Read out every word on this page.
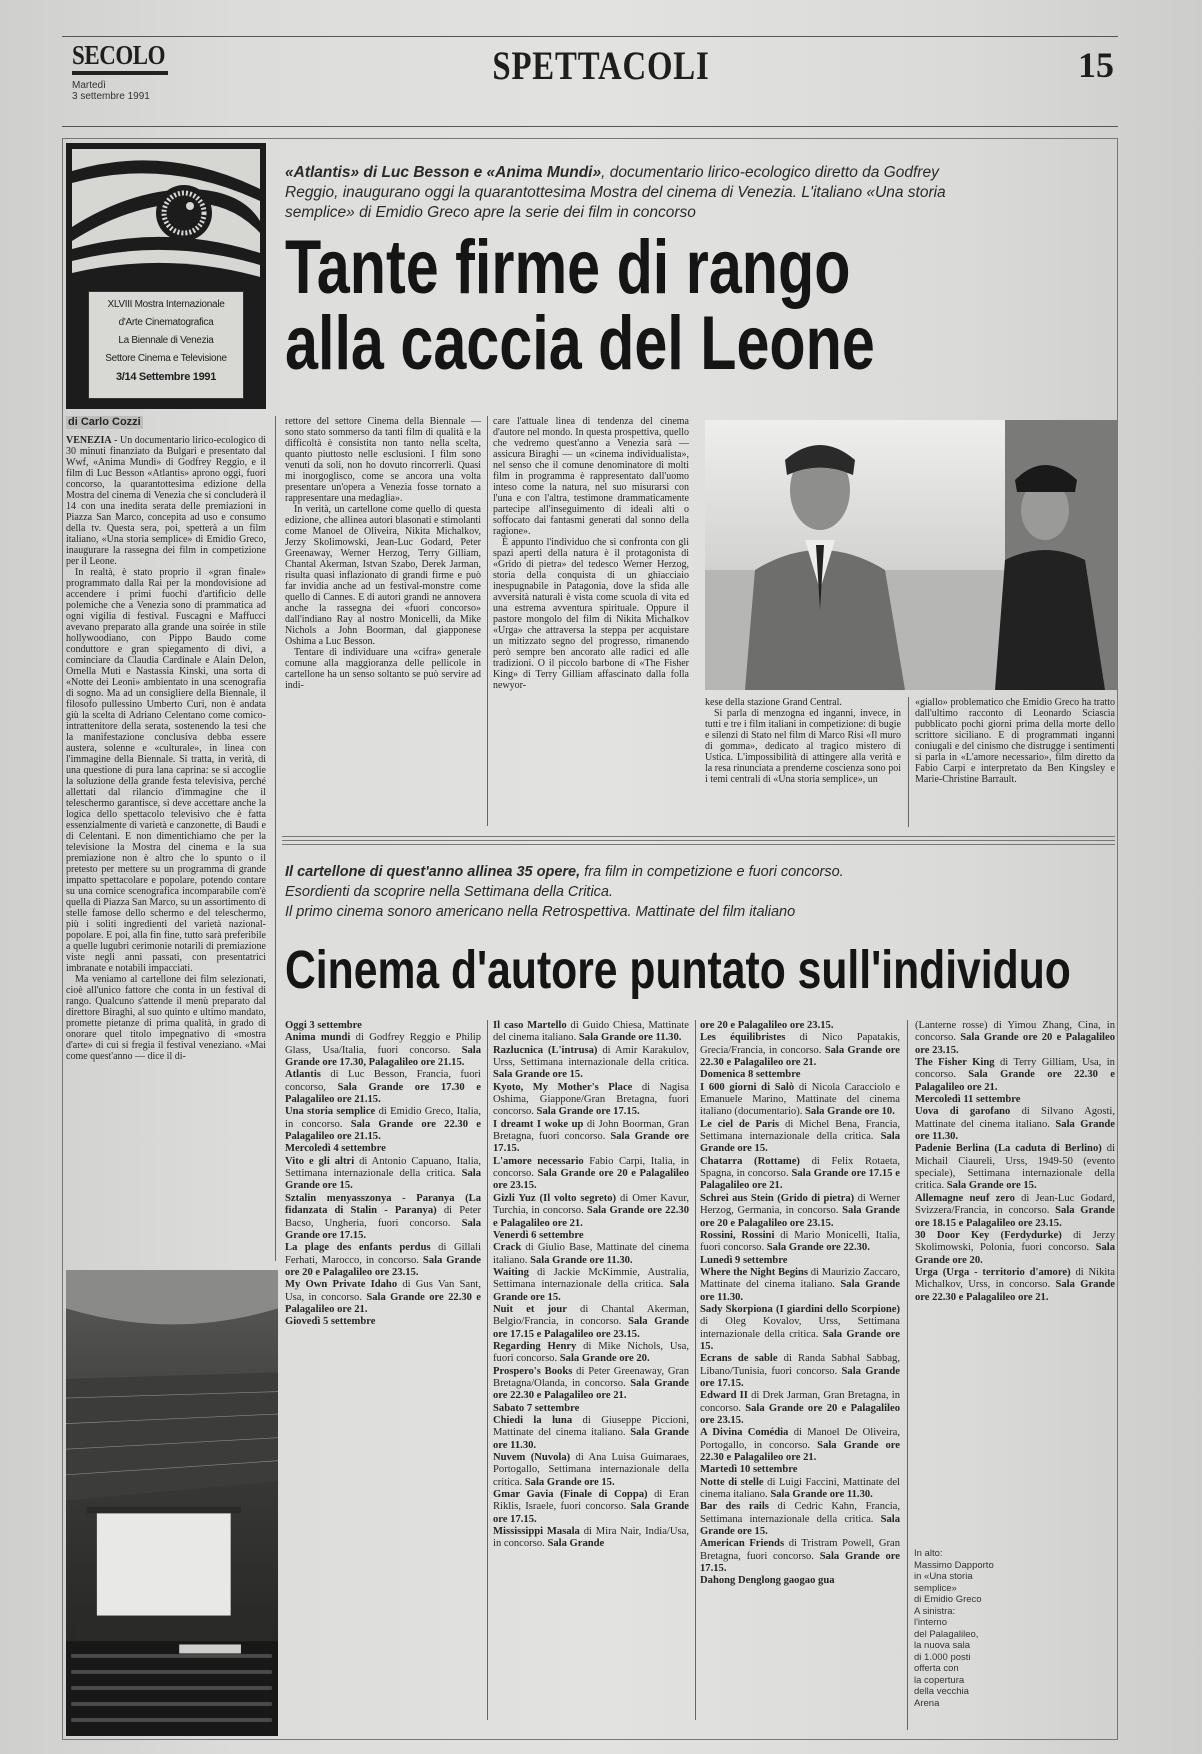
SECOLO
Martedì
3 settembre 1991
SPETTACOLI	15
XLVIII Mostra Internazionale
d'Arte Cinematografica
La Biennale di Venezia
Settore Cinema e Televisione
3/14 Settembre 1991
«Atlantis» di Luc Besson e «Anima Mundi», documentario lirico-ecologico diretto da Godfrey Reggio, inaugurano oggi la quarantottesima Mostra del cinema di Venezia. L'italiano «Una storia semplice» di Emidio Greco apre la serie dei film in concorso
Tante firme di rango
alla caccia del Leone
di Carlo Cozzi

VENEZIA - Un documentario lirico-ecologico di 30 minuti finanziato da Bulgari e presentato dal Wwf, «Anima Mundi» di Godfrey Reggio, e il film di Luc Besson «Atlantis» aprono oggi, fuori concorso, la quarantottesima edizione della Mostra del cinema di Venezia che si concluderà il 14 con una inedita serata delle premiazioni in Piazza San Marco, concepita ad uso e consumo della tv. Questa sera, poi, spetterà a un film italiano, «Una storia semplice» di Emidio Greco, inaugurare la rassegna dei film in competizione per il Leone.

In realtà, è stato proprio il «gran finale» programmato dalla Rai per la mondovisione ad accendere i primi fuochi d'artificio delle polemiche che a Venezia sono di prammatica ad ogni vigilia di festival. Fuscagni e Maffucci avevano preparato alla grande una soirée in stile hollywoodiano, con Pippo Baudo come conduttore e gran spiegamento di divi, a cominciare da Claudia Cardinale e Alain Delon, Ornella Muti e Nastassia Kinski, una sorta di «Notte dei Leoni» ambientato in una scenografia di sogno. Ma ad un consigliere della Biennale, il filosofo pullessino Umberto Curi, non è andata giù la scelta di Adriano Celentano come comico-intrattenitore della serata, sostenendo la tesi che la manifestazione conclusiva debba essere austera, solenne e «culturale», in linea con l'immagine della Biennale. Si tratta, in verità, di una questione di pura lana caprina: se si accoglie la soluzione della grande festa televisiva, perché allettati dal rilancio d'immagine che il teleschermo garantisce, si deve accettare anche la logica dello spettacolo televisivo che è fatta essenzialmente di varietà e canzonette, di Baudi e di Celentani. E non dimentichiamo che per la televisione la Mostra del cinema e la sua premiazione non è altro che lo spunto o il pretesto per mettere su un programma di grande impatto spettacolare e popolare, potendo contare su una cornice scenografica incomparabile com'è quella di Piazza San Marco, su un assortimento di stelle famose dello schermo e del teleschermo, più i soliti ingredienti del varietà nazional-popolare. E poi, alla fin fine, tutto sarà preferibile a quelle lugubri cerimonie notarili di premiazione viste negli anni passati, con presentatrici imbranate e notabili impacciati.

Ma veniamo al cartellone dei film selezionati, cioè all'unico fattore che conta in un festival di rango. Qualcuno s'attende il menù preparato dal direttore Biraghi, al suo quinto e ultimo mandato, promette pietanze di prima qualità, in grado di onorare quel titolo impegnativo di «mostra d'arte» di cui si fregia il festival veneziano. «Mai come quest'anno — dice il di-

rettore del settore Cinema della Biennale — sono stato sommerso da tanti film di qualità e la difficoltà è consistita non tanto nella scelta, quanto piuttosto nelle esclusioni. I film sono venuti da soli, non ho dovuto rincorrerli. Quasi mi inorgoglisco, come se ancora una volta presentare un'opera a Venezia fosse tornato a rappresentare una medaglia».

In verità, un cartellone come quello di questa edizione, che allinea autori blasonati e stimolanti come Manoel de Oliveira, Nikita Michalkov, Jerzy Skolimowski, Jean-Luc Godard, Peter Greenaway, Werner Herzog, Terry Gilliam, Chantal Akerman, Istvan Szabo, Derek Jarman, risulta quasi inflazionato di grandi firme e può far invidia anche ad un festival-monstre come quello di Cannes. E di autori grandi ne annovera anche la rassegna dei «fuori concorso» dall'indiano Ray al nostro Monicelli, da Mike Nichols a John Boorman, dal giapponese Oshima a Luc Besson.

Tentare di individuare una «cifra» generale comune alla maggioranza delle pellicole in cartellone ha un senso soltanto se può servire ad indi-

care l'attuale linea di tendenza del cinema d'autore nel mondo. In questa prospettiva, quello che vedremo quest'anno a Venezia sarà — assicura Biraghi — un «cinema individualista», nel senso che il comune denominatore di molti film in programma è rappresentato dall'uomo inteso come la natura, nel suo misurarsi con l'una e con l'altra, testimone drammaticamente partecipe all'inseguimento di ideali alti o soffocato dai fantasmi generati dal sonno della ragione».

È appunto l'individuo che si confronta con gli spazi aperti della natura è il protagonista di «Grido di pietra» del tedesco Werner Herzog, storia della conquista di un ghiacciaio inespugnabile in Patagonia, dove la sfida alle avversità naturali è vista come scuola di vita ed una estrema avventura spirituale. Oppure il pastore mongolo del film di Nikita Michalkov «Urga» che attraversa la steppa per acquistare un mitizzato segno del progresso, rimanendo però sempre ben ancorato alle radici ed alle tradizioni. O il piccolo barbone di «The Fisher King» di Terry Gilliam affascinato dalla folla newyor-

kese della stazione Grand Central.

Si parla di menzogna ed inganni, invece, in tutti e tre i film italiani in competizione: di bugie e silenzi di Stato nel film di Marco Risi «Il muro di gomma», dedicato al tragico mistero di Ustica. L'impossibilità di attingere alla verità e la resa rinunciata a prenderne coscienza sono poi i temi centrali di «Una storia semplice», un

«giallo» problematico che Emidio Greco ha tratto dall'ultimo racconto di Leonardo Sciascia pubblicato pochi giorni prima della morte dello scrittore siciliano. E di programmati inganni coniugali e del cinismo che distrugge i sentimenti si parla in «L'amore necessario», film diretto da Fabio Carpi e interpretato da Ben Kingsley e Marie-Christine Barrault.

Il cartellone di quest'anno allinea 35 opere, fra film in competizione e fuori concorso.
Esordienti da scoprire nella Settimana della Critica.
Il primo cinema sonoro americano nella Retrospettiva. Mattinate del film italiano
Cinema d'autore puntato sull'individuo
Oggi 3 settembre
Anima mundi di Godfrey Reggio e Philip Glass, Usa/Italia, fuori concorso. Sala Grande ore 17.30, Palagalileo ore 21.15.
Atlantis di Luc Besson, Francia, fuori concorso, Sala Grande ore 17.30 e Palagalileo ore 21.15.
Una storia semplice di Emidio Greco, Italia, in concorso. Sala Grande ore 22.30 e Palagalileo ore 21.15.
Mercoledì 4 settembre
Vito e gli altri di Antonio Capuano, Italia, Settimana internazionale della critica. Sala Grande ore 15.
Sztalin menyasszonya - Paranya (La fidanzata di Stalin - Paranya) di Peter Bacso, Ungheria, fuori concorso. Sala Grande ore 17.15.
La plage des enfants perdus di Gillali Ferhati, Marocco, in concorso. Sala Grande ore 20 e Palagalileo ore 23.15.
My Own Private Idaho di Gus Van Sant, Usa, in concorso. Sala Grande ore 22.30 e Palagalileo ore 21.
Giovedì 5 settembre
Il caso Martello di Guido Chiesa, Mattinate del cinema italiano. Sala Grande ore 11.30.
Razlucnica (L'intrusa) di Amir Karakulov, Urss, Settimana internazionale della critica. Sala Grande ore 15.
Kyoto, My Mother's Place di Nagisa Oshima, Giappone/Gran Bretagna, fuori concorso. Sala Grande ore 17.15.
I dreamt I woke up di John Boorman, Gran Bretagna, fuori concorso. Sala Grande ore 17.15.
L'amore necessario Fabio Carpi, Italia, in concorso. Sala Grande ore 20 e Palagalileo ore 23.15.
Gizli Yuz (Il volto segreto) di Omer Kavur, Turchia, in concorso. Sala Grande ore 22.30 e Palagalileo ore 21.
Venerdì 6 settembre
Crack di Giulio Base, Mattinate del cinema italiano. Sala Grande ore 11.30.
Waiting di Jackie McKimmie, Australia, Settimana internazionale della critica. Sala Grande ore 15.
Nuit et jour di Chantal Akerman, Belgio/Francia, in concorso. Sala Grande ore 17.15 e Palagalileo ore 23.15.
Regarding Henry di Mike Nichols, Usa, fuori concorso. Sala Grande ore 20.
Prospero's Books di Peter Greenaway, Gran Bretagna/Olanda, in concorso. Sala Grande ore 22.30 e Palagalileo ore 21.
Sabato 7 settembre
Chiedi la luna di Giuseppe Piccioni, Mattinate del cinema italiano. Sala Grande ore 11.30.
Nuvem (Nuvola) di Ana Luisa Guimaraes, Portogallo, Settimana internazionale della critica. Sala Grande ore 15.
Gmar Gavia (Finale di Coppa) di Eran Riklis, Israele, fuori concorso. Sala Grande ore 17.15.
Mississippi Masala di Mira Nair, India/Usa, in concorso. Sala Grande
ore 20 e Palagalileo ore 23.15.
Les équilibristes di Nico Papatakis, Grecia/Francia, in concorso. Sala Grande ore 22.30 e Palagalileo ore 21.
Domenica 8 settembre
I 600 giorni di Salò di Nicola Caracciolo e Emanuele Marino, Mattinate del cinema italiano (documentario). Sala Grande ore 10.
Le ciel de Paris di Michel Bena, Francia, Settimana internazionale della critica. Sala Grande ore 15.
Chatarra (Rottame) di Felix Rotaeta, Spagna, in concorso. Sala Grande ore 17.15 e Palagalileo ore 21.
Schrei aus Stein (Grido di pietra) di Werner Herzog, Germania, in concorso. Sala Grande ore 20 e Palagalileo ore 23.15.
Rossini, Rossini di Mario Monicelli, Italia, fuori concorso. Sala Grande ore 22.30.
Lunedì 9 settembre
Where the Night Begins di Maurizio Zaccaro, Mattinate del cinema italiano. Sala Grande ore 11.30.
Sady Skorpiona (I giardini dello Scorpione) di Oleg Kovalov, Urss, Settimana internazionale della critica. Sala Grande ore 15.
Ecrans de sable di Randa Sabhal Sabbag, Libano/Tunisia, fuori concorso. Sala Grande ore 17.15.
Edward II di Drek Jarman, Gran Bretagna, in concorso. Sala Grande ore 20 e Palagalileo ore 23.15.
A Divina Comédia di Manoel De Oliveira, Portogallo, in concorso. Sala Grande ore 22.30 e Palagalileo ore 21.
Martedì 10 settembre
Notte di stelle di Luigi Faccini, Mattinate del cinema italiano. Sala Grande ore 11.30.
Bar des rails di Cedric Kahn, Francia, Settimana internazionale della critica. Sala Grande ore 15.
American Friends di Tristram Powell, Gran Bretagna, fuori concorso. Sala Grande ore 17.15.
Dahong Denglong gaogao gua
(Lanterne rosse) di Yimou Zhang, Cina, in concorso. Sala Grande ore 20 e Palagalileo ore 23.15.
The Fisher King di Terry Gilliam, Usa, in concorso. Sala Grande ore 22.30 e Palagalileo ore 21.
Mercoledì 11 settembre
Uova di garofano di Silvano Agosti, Mattinate del cinema italiano. Sala Grande ore 11.30.
Padenie Berlina (La caduta di Berlino) di Michail Ciaureli, Urss, 1949-50 (evento speciale), Settimana internazionale della critica. Sala Grande ore 15.
Allemagne neuf zero di Jean-Luc Godard, Svizzera/Francia, in concorso. Sala Grande ore 18.15 e Palagalileo ore 23.15.
30 Door Key (Ferdydurke) di Jerzy Skolimowski, Polonia, fuori concorso. Sala Grande ore 20.
Urga (Urga - territorio d'amore) di Nikita Michalkov, Urss, in concorso. Sala Grande ore 22.30 e Palagalileo ore 21.
In alto:
Massimo Dapporto
in «Una storia
semplice»
di Emidio Greco
A sinistra:
l'interno
del Palagalileo,
la nuova sala
di 1.000 posti
offerta con
la copertura
della vecchia
Arena
